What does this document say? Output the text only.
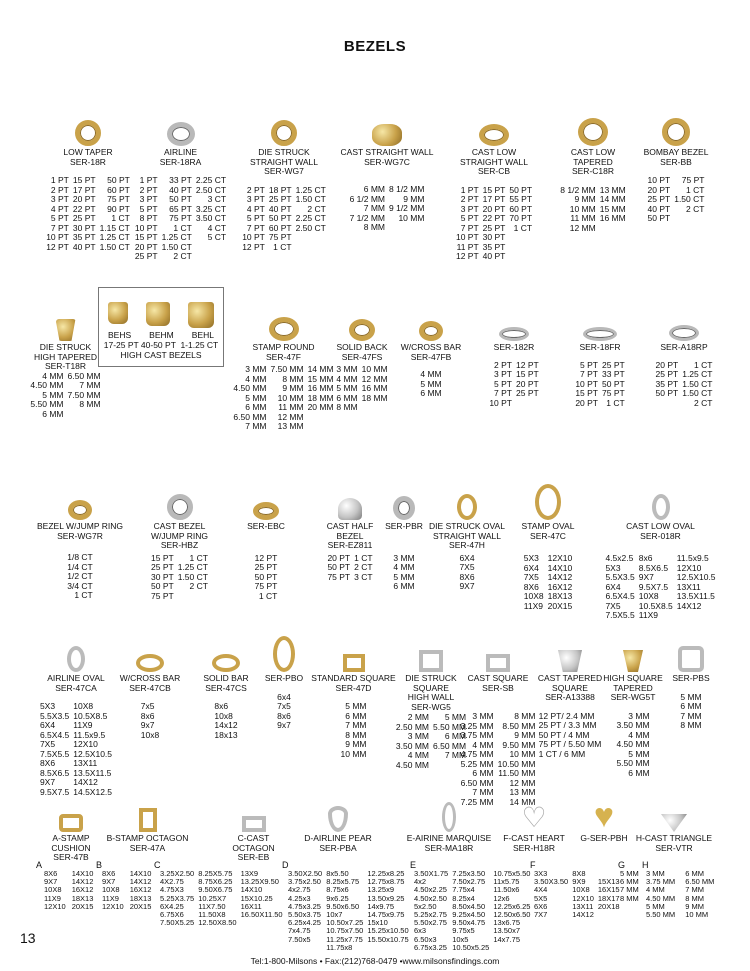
BEZELS
LOW TAPER
SER-18R
1 PT
2 PT
3 PT
4 PT
5 PT
7 PT
10 PT
12 PT
15 PT
17 PT
20 PT
22 PT
25 PT
30 PT
35 PT
40 PT
50 PT
60 PT
75 PT
90 PT
1 CT
1.15 CT
1.25 CT
1.50 CT
AIRLINE
SER-18RA
1 PT
2 PT
3 PT
5 PT
8 PT
10 PT
15 PT
20 PT
25 PT
33 PT
40 PT
50 PT
65 PT
75 PT
1 CT
1.25 CT
1.50 CT
2 CT
2.25 CT
2.50 CT
3 CT
3.25 CT
3.50 CT
4 CT
5 CT
DIE STRUCK
STRAIGHT WALL
SER-WG7
2 PT
3 PT
4 PT
5 PT
7 PT
10 PT
12 PT
18 PT
25 PT
40 PT
50 PT
60 PT
75 PT
1 CT
1.25 CT
1.50 CT
2 CT
2.25 CT
2.50 CT
CAST STRAIGHT WALL
SER-WG7C
6 MM
6 1/2 MM
7 MM
7 1/2 MM
8 MM
8 1/2 MM
9 MM
9 1/2 MM
10 MM
CAST LOW
STRAIGHT WALL
SER-CB
1 PT
2 PT
3 PT
5 PT
7 PT
10 PT
11 PT
12 PT
15 PT
17 PT
20 PT
22 PT
25 PT
30 PT
35 PT
40 PT
50 PT
55 PT
60 PT
70 PT
1 CT
CAST LOW
TAPERED
SER-C18R
8 1/2 MM
9 MM
10 MM
11 MM
12 MM
13 MM
14 MM
15 MM
16 MM
BOMBAY BEZEL
SER-BB
10 PT
20 PT
25 PT
40 PT
50 PT
75 PT
1 CT
1.50 CT
2 CT
DIE STRUCK
HIGH TAPERED
SER-T18R
4 MM
4.50 MM
5 MM
5.50 MM
6 MM
6.50 MM
7 MM
7.50 MM
8 MM
BEHS BEHM BEHL
17-25 PT 40-50 PT  1-1.25 CT
HIGH CAST BEZELS
STAMP ROUND
SER-47F
3 MM
4 MM
4.50 MM
5 MM
6 MM
6.50 MM
7 MM
7.50 MM
8 MM
9 MM
10 MM
11 MM
12 MM
13 MM
14 MM
15 MM
16 MM
18 MM
20 MM
SOLID BACK
SER-47FS
3 MM
4 MM
5 MM
6 MM
8 MM
10 MM
12 MM
16 MM
18 MM
W/CROSS BAR
SER-47FB
4 MM
5 MM
6 MM
SER-182R
2 PT
3 PT
5 PT
7 PT
10 PT
12 PT
15 PT
20 PT
25 PT
SER-18FR
5 PT
7 PT
10 PT
15 PT
20 PT
25 PT
33 PT
50 PT
75 PT
1 CT
SER-A18RP
20 PT
25 PT
35 PT
50 PT
1 CT
1.25 CT
1.50 CT
1.50 CT
2 CT
BEZEL W/JUMP RING
SER-WG7R
1/8 CT
1/4 CT
1/2 CT
3/4 CT
1 CT
CAST BEZEL
W/JUMP RING
SER-HBZ
15 PT
25 PT
30 PT
50 PT
75 PT
1 CT
1.25 CT
1.50 CT
2 CT
SER-EBC
12 PT
25 PT
50 PT
75 PT
1 CT
CAST HALF
BEZEL
SER-EZ811
20 PT
50 PT
75 PT
1 CT
2 CT
3 CT
SER-PBR
3 MM
4 MM
5 MM
6 MM
DIE STRUCK OVAL
STRAIGHT WALL
SER-47H
6X4
7X5
8X6
9X7
STAMP OVAL
SER-47C
5X3
6X4
7X5
8X6
10X8
11X9
12X10
14X10
14X12
16X12
18X13
20X15
CAST LOW OVAL
SER-018R
4.5x2.5
5X3
5.5X3.5
6X4
6.5X4.5
7X5
7.5X5.5
8x6
8.5X6.5
9X7
9.5X7.5
10X8
10.5X8.5
11X9
11.5x9.5
12X10
12.5X10.5
13X11
13.5X11.5
14X12
AIRLINE OVAL
SER-47CA
5X3
5.5X3.5
6X4
6.5X4.5
7X5
7.5X5.5
8X6
8.5X6.5
9X7
9.5X7.5
10X8
10.5X8.5
11X9
11.5x9.5
12X10
12.5X10.5
13X11
13.5X11.5
14X12
14.5X12.5
W/CROSS BAR
SER-47CB
7x5
8x6
9x7
10x8
SOLID BAR
SER-47CS
8x6
10x8
14x12
18x13
SER-PBO
6x4
7x5
8x6
9x7
STANDARD SQUARE
SER-47D
5 MM
6 MM
7 MM
8 MM
9 MM
10 MM
DIE STRUCK
SQUARE
HIGH WALL
SER-WG5
2 MM
2.50 MM
3 MM
3.50 MM
4 MM
4.50 MM
5 MM
5.50 MM
6 MM
6.50 MM
7 MM
CAST SQUARE
SER-SB
3 MM
3.25 MM
3.75 MM
4 MM
4.75 MM
5.25 MM
6 MM
6.50 MM
7 MM
7.25 MM
8 MM
8.50 MM
9 MM
9.50 MM
10 MM
10.50 MM
11.50 MM
12 MM
13 MM
14 MM
CAST TAPERED
SQUARE
SER-A13388
12 PT/ 2.4 MM
25 PT / 3.3 MM
50 PT / 4 MM
75 PT / 5.50 MM
1 CT / 6 MM
HIGH SQUARE
TAPERED
SER-WG5T
3 MM
3.50 MM
4 MM
4.50 MM
5 MM
5.50 MM
6 MM
SER-PBS
5 MM
6 MM
7 MM
8 MM
A-STAMP
CUSHION
SER-47B
B-STAMP OCTAGON
SER-47A
C-CAST OCTAGON
SER-EB
D-AIRLINE PEAR
SER-PBA
E-AIRINE MARQUISE
SER-MA18R
♡
F-CAST HEART
SER-H18R
♥
G-SER-PBH H-CAST TRIANGLE
SER-VTR
A
8X6
9X7
10X8
11X9
12X10
14X10
14X12
16X12
18X13
20X15
B
8X6
9X7
10X8
11X9
12X10
14X10
14X12
16X12
18X13
20X15
C
3.25X2.50
4X2.75
4.75X3
5.25X3.75
6X4.25
6.75X6
7.50X5.25
8.25X5.75
8.75X6.25
9.50X6.75
10.25X7
11X7.50
11.50X8
12.50X8.50
13X9
13.25X9.50
14X10
15X10.25
16X11
16.50X11.50
D
3.50X2.50
3.75x2.50
4x2.75
4.25x3
4.75x3.25
5.50x3.75
6.25x4.25
7x4.75
7.50x5
8x5.50
8.25x5.75
8.75x6
9x6.25
9.50x6.50
10x7
10.50x7.25
10.75x7.50
11.25x7.75
11.75x8
12.25x8.25
12.75x8.75
13.25x9
13.50x9.25
14x9.75
14.75x9.75
15x10
15.25x10.50
15.50x10.75
E
3.50X1.75
4x2
4.50x2.25
4.50x2.50
5x2.50
5.25x2.75
5.50x2.75
6x3
6.50x3
6.75x3.25
7.25x3.50
7.50x2.75
7.75x4
8.25x4
8.50x4.50
9.25x4.50
9.50x4.75
9.75x5
10x5
10.50x5.25
10.75x5.50
11x5.75
11.50x6
12x6
12.25x6.25
12.50x6.50
13x6.75
13.50x7
14x7.75
F
3X3
3.50X3.50
4X4
5X5
6X6
7X7
8X8
9X9
10X8
12X10
13X11
14X12

15X13
16X15
18X17
20X18
G
5 MM
6 MM
7 MM
8 MM
H
3 MM
3.75 MM
4 MM
4.50 MM
5 MM
5.50 MM
6 MM
6.50 MM
7 MM
8 MM
9 MM
10 MM
13
Tel:1-800-Milsons • Fax:(212)768-0479 •www.milsonsfindings.com
